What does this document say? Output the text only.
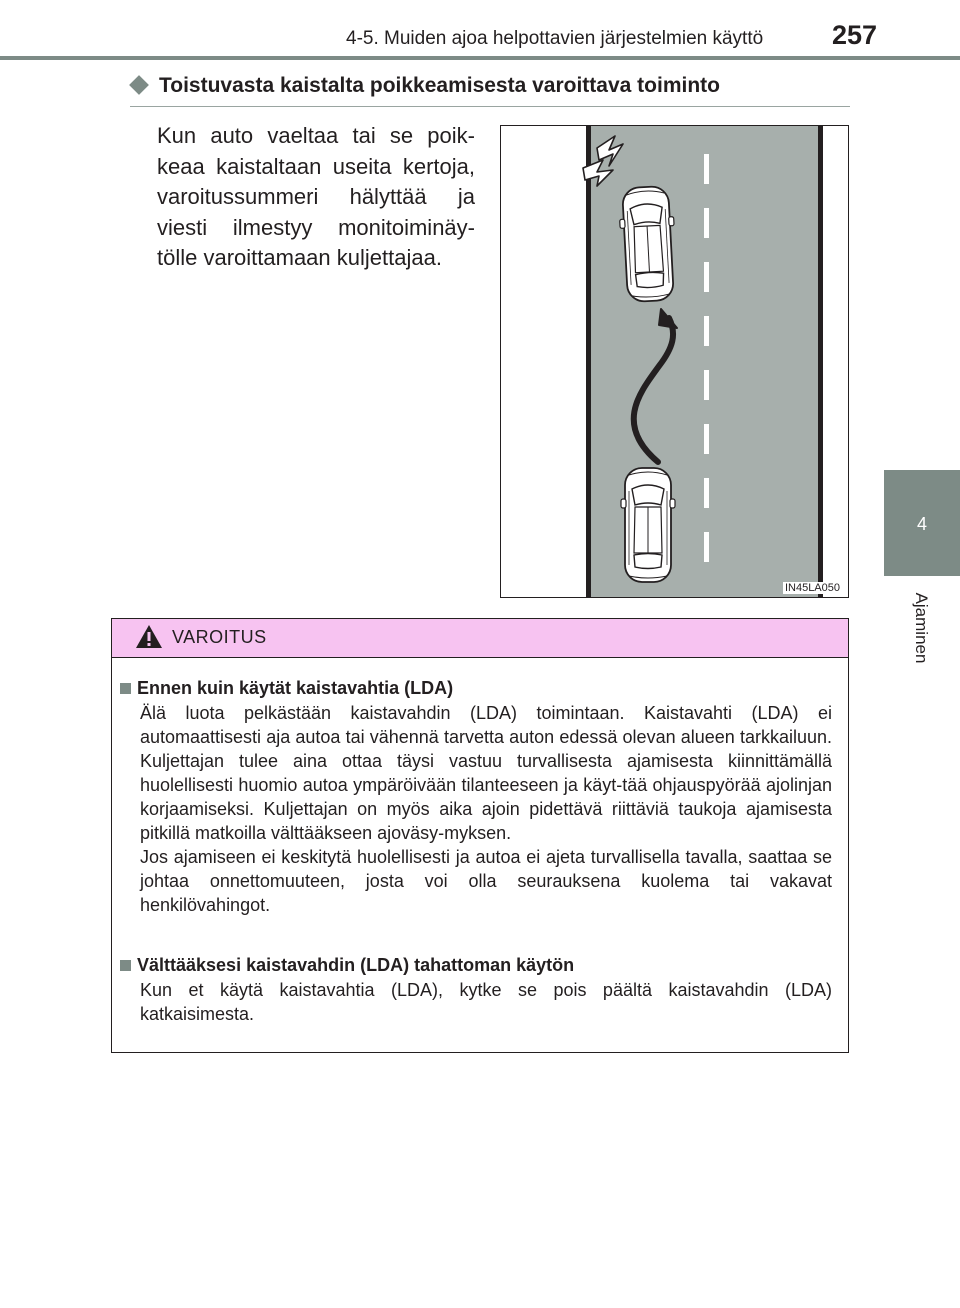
4-5. Muiden ajoa helpottavien järjestelmien käyttö	257
4
Ajaminen
Toistuvasta kaistalta poikkeamisesta varoittava toiminto
Kun auto vaeltaa tai se poik-keaa kaistaltaan useita kertoja, varoitussummeri hälyttää ja viesti ilmestyy monitoiminäy-tölle varoittamaan kuljettajaa.
IN45LA050
VAROITUS
Ennen kuin käytät kaistavahtia (LDA)

Älä luota pelkästään kaistavahdin (LDA) toimintaan. Kaistavahti (LDA) ei automaattisesti aja autoa tai vähennä tarvetta auton edessä olevan alueen tarkkailuun. Kuljettajan tulee aina ottaa täysi vastuu turvallisesta ajamisesta kiinnittämällä huolellisesti huomio autoa ympäröivään tilanteeseen ja käyt-tää ohjauspyörää ajolinjan korjaamiseksi. Kuljettajan on myös aika ajoin pidettävä riittäviä taukoja ajamisesta pitkillä matkoilla välttääkseen ajoväsy-myksen.

Jos ajamiseen ei keskitytä huolellisesti ja autoa ei ajeta turvallisella tavalla, saattaa se johtaa onnettomuuteen, josta voi olla seurauksena kuolema tai vakavat henkilövahingot.

Välttääksesi kaistavahdin (LDA) tahattoman käytön

Kun et käytä kaistavahtia (LDA), kytke se pois päältä kaistavahdin (LDA) katkaisimesta.
